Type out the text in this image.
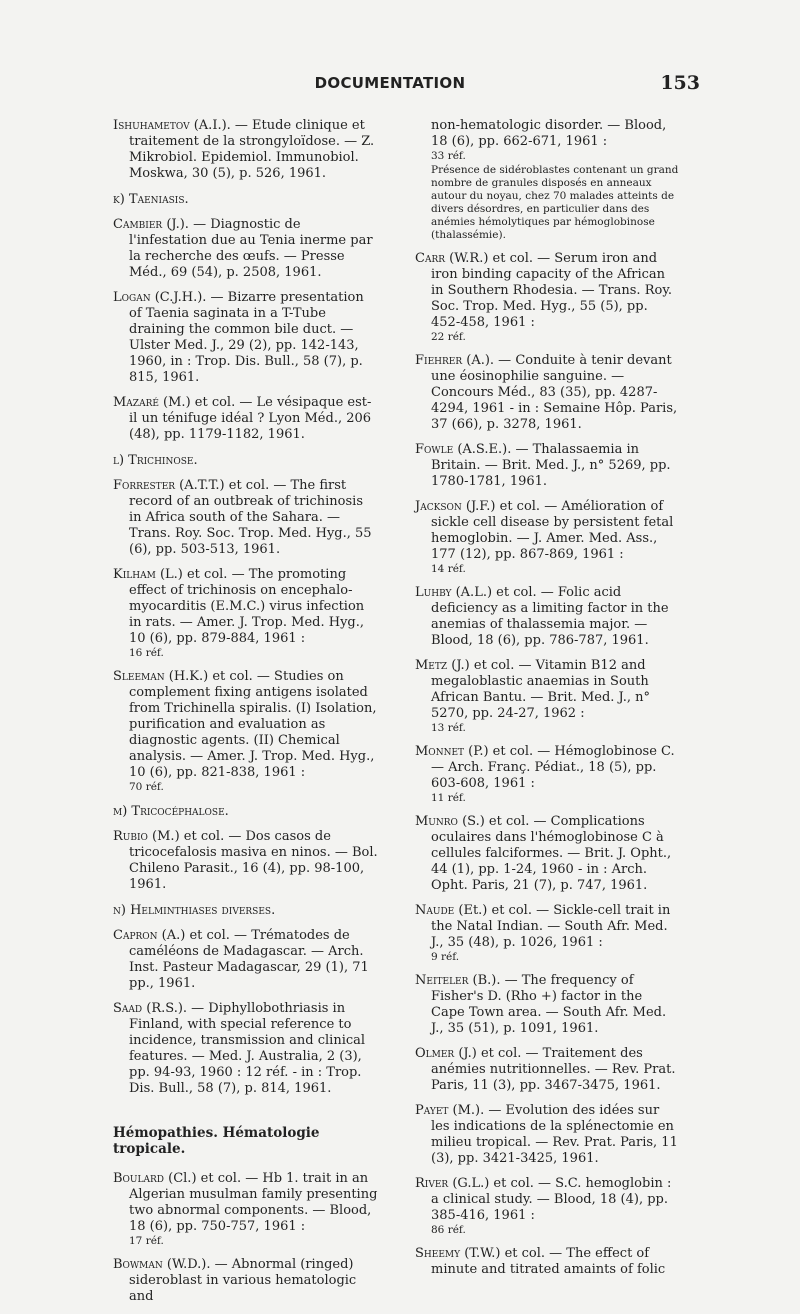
DOCUMENTATION	153
Ishuhametov (A.I.). — Etude clinique et traitement de la strongyloïdose. — Z. Mikrobiol. Epidemiol. Immunobiol. Moskwa, 30 (5), p. 526, 1961.
k) Taeniasis.
Cambier (J.). — Diagnostic de l'infestation due au Tenia inerme par la recherche des œufs. — Presse Méd., 69 (54), p. 2508, 1961.
Logan (C.J.H.). — Bizarre presentation of Taenia saginata in a T-Tube draining the common bile duct. — Ulster Med. J., 29 (2), pp. 142-143, 1960, in : Trop. Dis. Bull., 58 (7), p. 815, 1961.
Mazaré (M.) et col. — Le vésipaque est-il un ténifuge idéal ? Lyon Méd., 206 (48), pp. 1179-1182, 1961.
l) Trichinose.
Forrester (A.T.T.) et col. — The first record of an outbreak of trichinosis in Africa south of the Sahara. — Trans. Roy. Soc. Trop. Med. Hyg., 55 (6), pp. 503-513, 1961.
Kilham (L.) et col. — The promoting effect of trichinosis on encephalo-myocarditis (E.M.C.) virus infection in rats. — Amer. J. Trop. Med. Hyg., 10 (6), pp. 879-884, 1961 :
16 réf.
Sleeman (H.K.) et col. — Studies on complement fixing antigens isolated from Trichinella spiralis. (I) Isolation, purification and evaluation as diagnostic agents. (II) Chemical analysis. — Amer. J. Trop. Med. Hyg., 10 (6), pp. 821-838, 1961 :
70 réf.
m) Tricocéphalose.
Rubio (M.) et col. — Dos casos de tricocefalosis masiva en ninos. — Bol. Chileno Parasit., 16 (4), pp. 98-100, 1961.
n) Helminthiases diverses.
Capron (A.) et col. — Trématodes de caméléons de Madagascar. — Arch. Inst. Pasteur Madagascar, 29 (1), 71 pp., 1961.
Saad (R.S.). — Diphyllobothriasis in Finland, with special reference to incidence, transmission and clinical features. — Med. J. Australia, 2 (3), pp. 94-93, 1960 : 12 réf. - in : Trop. Dis. Bull., 58 (7), p. 814, 1961.
Hémopathies. Hématologie tropicale.
Boulard (Cl.) et col. — Hb 1. trait in an Algerian musulman family presenting two abnormal components. — Blood, 18 (6), pp. 750-757, 1961 :
17 réf.
Bowman (W.D.). — Abnormal (ringed) sideroblast in various hematologic and
non-hematologic disorder. — Blood, 18 (6), pp. 662-671, 1961 :
33 réf.
Présence de sidéroblastes contenant un grand nombre de granules disposés en anneaux autour du noyau, chez 70 malades atteints de divers désordres, en particulier dans des anémies hémolytiques par hémoglobinose (thalassémie).
Carr (W.R.) et col. — Serum iron and iron binding capacity of the African in Southern Rhodesia. — Trans. Roy. Soc. Trop. Med. Hyg., 55 (5), pp. 452-458, 1961 :
22 réf.
Fiehrer (A.). — Conduite à tenir devant une éosinophilie sanguine. — Concours Méd., 83 (35), pp. 4287-4294, 1961 - in : Semaine Hôp. Paris, 37 (66), p. 3278, 1961.
Fowle (A.S.E.). — Thalassaemia in Britain. — Brit. Med. J., n° 5269, pp. 1780-1781, 1961.
Jackson (J.F.) et col. — Amélioration of sickle cell disease by persistent fetal hemoglobin. — J. Amer. Med. Ass., 177 (12), pp. 867-869, 1961 :
14 réf.
Luhby (A.L.) et col. — Folic acid deficiency as a limiting factor in the anemias of thalassemia major. — Blood, 18 (6), pp. 786-787, 1961.
Metz (J.) et col. — Vitamin B12 and megaloblastic anaemias in South African Bantu. — Brit. Med. J., n° 5270, pp. 24-27, 1962 :
13 réf.
Monnet (P.) et col. — Hémoglobinose C. — Arch. Franç. Pédiat., 18 (5), pp. 603-608, 1961 :
11 réf.
Munro (S.) et col. — Complications oculaires dans l'hémoglobinose C à cellules falciformes. — Brit. J. Opht., 44 (1), pp. 1-24, 1960 - in : Arch. Opht. Paris, 21 (7), p. 747, 1961.
Naude (Et.) et col. — Sickle-cell trait in the Natal Indian. — South Afr. Med. J., 35 (48), p. 1026, 1961 :
9 réf.
Neiteler (B.). — The frequency of Fisher's D. (Rho +) factor in the Cape Town area. — South Afr. Med. J., 35 (51), p. 1091, 1961.
Olmer (J.) et col. — Traitement des anémies nutritionnelles. — Rev. Prat. Paris, 11 (3), pp. 3467-3475, 1961.
Payet (M.). — Evolution des idées sur les indications de la splénectomie en milieu tropical. — Rev. Prat. Paris, 11 (3), pp. 3421-3425, 1961.
River (G.L.) et col. — S.C. hemoglobin : a clinical study. — Blood, 18 (4), pp. 385-416, 1961 :
86 réf.
Sheemy (T.W.) et col. — The effect of minute and titrated amaints of folic
